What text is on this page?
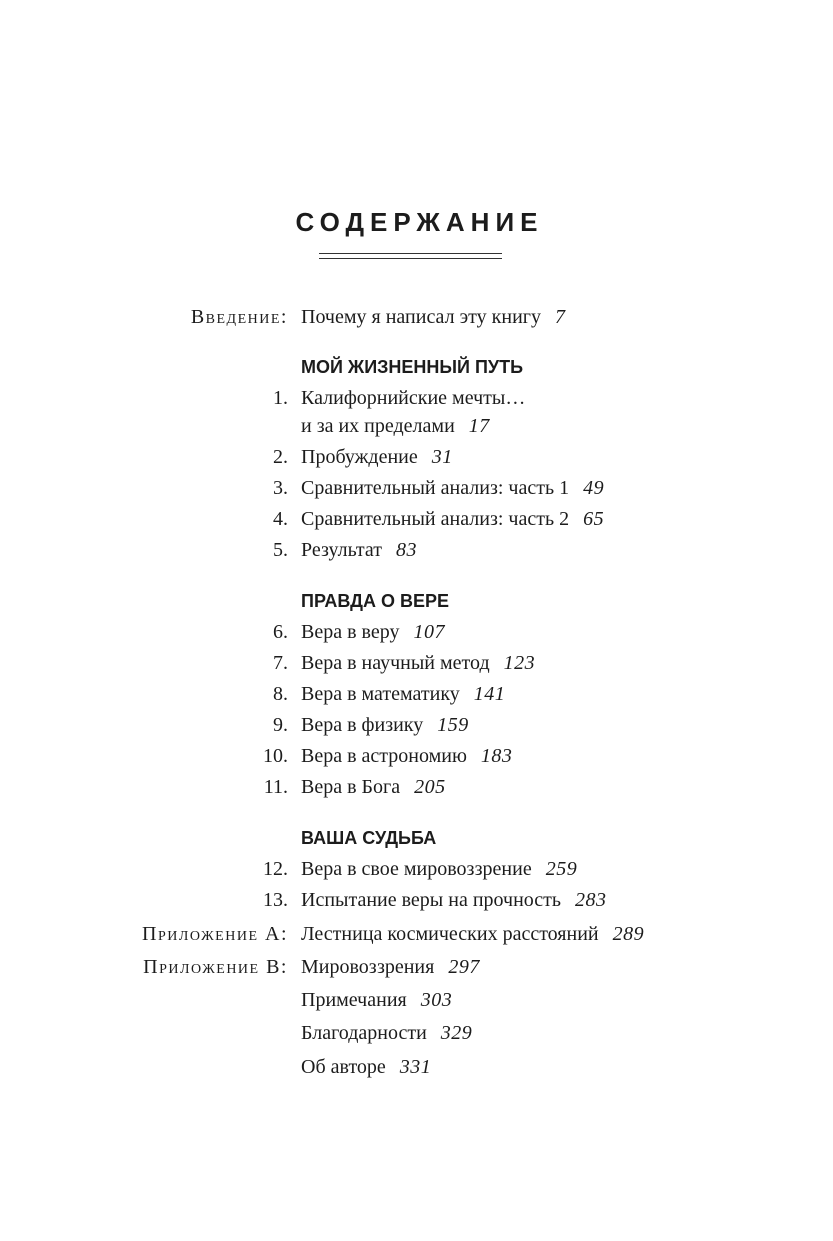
СОДЕРЖАНИЕ
Введение: Почему я написал эту книгу 7
МОЙ ЖИЗНЕННЫЙ ПУТЬ
1. Калифорнийские мечты…
и за их пределами 17
2. Пробуждение 31
3. Сравнительный анализ: часть 1 49
4. Сравнительный анализ: часть 2 65
5. Результат 83
ПРАВДА О ВЕРЕ
6. Вера в веру 107
7. Вера в научный метод 123
8. Вера в математику 141
9. Вера в физику 159
10. Вера в астрономию 183
11. Вера в Бога 205
ВАША СУДЬБА
12. Вера в свое мировоззрение 259
13. Испытание веры на прочность 283
Приложение А: Лестница космических расстояний 289
Приложение B: Мировоззрения 297
Примечания 303
Благодарности 329
Об авторе 331
